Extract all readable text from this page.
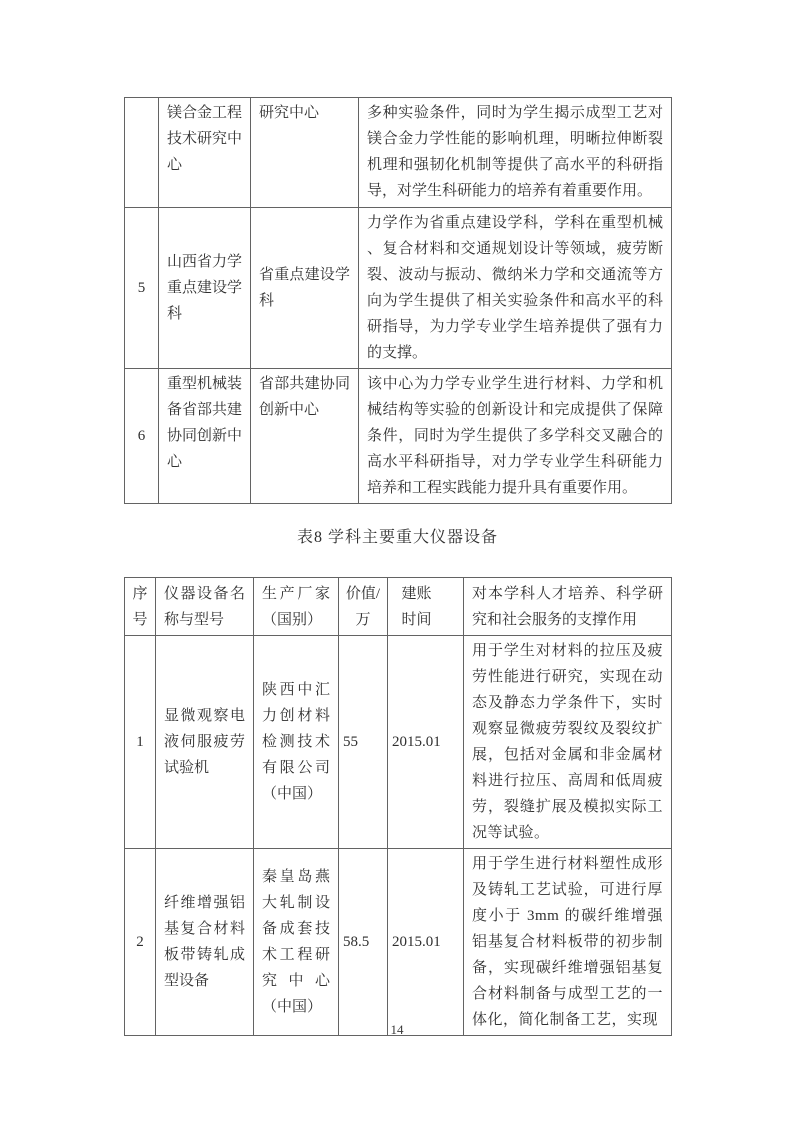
	镁合金工程技术研究中心	研究中心	多种实验条件，同时为学生揭示成型工艺对镁合金力学性能的影响机理，明晰拉伸断裂机理和强韧化机制等提供了高水平的科研指导，对学生科研能力的培养有着重要作用。
5	山西省力学重点建设学科	省重点建设学科	力学作为省重点建设学科，学科在重型机械、复合材料和交通规划设计等领域，疲劳断裂、波动与振动、微纳米力学和交通流等方向为学生提供了相关实验条件和高水平的科研指导，为力学专业学生培养提供了强有力的支撑。
6	重型机械装备省部共建协同创新中心	省部共建协同创新中心	该中心为力学专业学生进行材料、力学和机械结构等实验的创新设计和完成提供了保障条件，同时为学生提供了多学科交叉融合的高水平科研指导，对力学专业学生科研能力培养和工程实践能力提升具有重要作用。
表8 学科主要重大仪器设备
序号	仪器设备名称与型号	生产厂家（国别）	价值/万	建账时间	对本学科人才培养、科学研究和社会服务的支撑作用
1	显微观察电液伺服疲劳试验机	陕西中汇力创材料检测技术有限公司（中国）	55	2015.01	用于学生对材料的拉压及疲劳性能进行研究，实现在动态及静态力学条件下，实时观察显微疲劳裂纹及裂纹扩展，包括对金属和非金属材料进行拉压、高周和低周疲劳，裂缝扩展及模拟实际工况等试验。
2	纤维增强铝基复合材料板带铸轧成型设备	秦皇岛燕大轧制设备成套技术工程研究中心（中国）	58.5	2015.01	用于学生进行材料塑性成形及铸轧工艺试验，可进行厚度小于 3mm 的碳纤维增强铝基复合材料板带的初步制备，实现碳纤维增强铝基复合材料制备与成型工艺的一体化，简化制备工艺，实现
14
